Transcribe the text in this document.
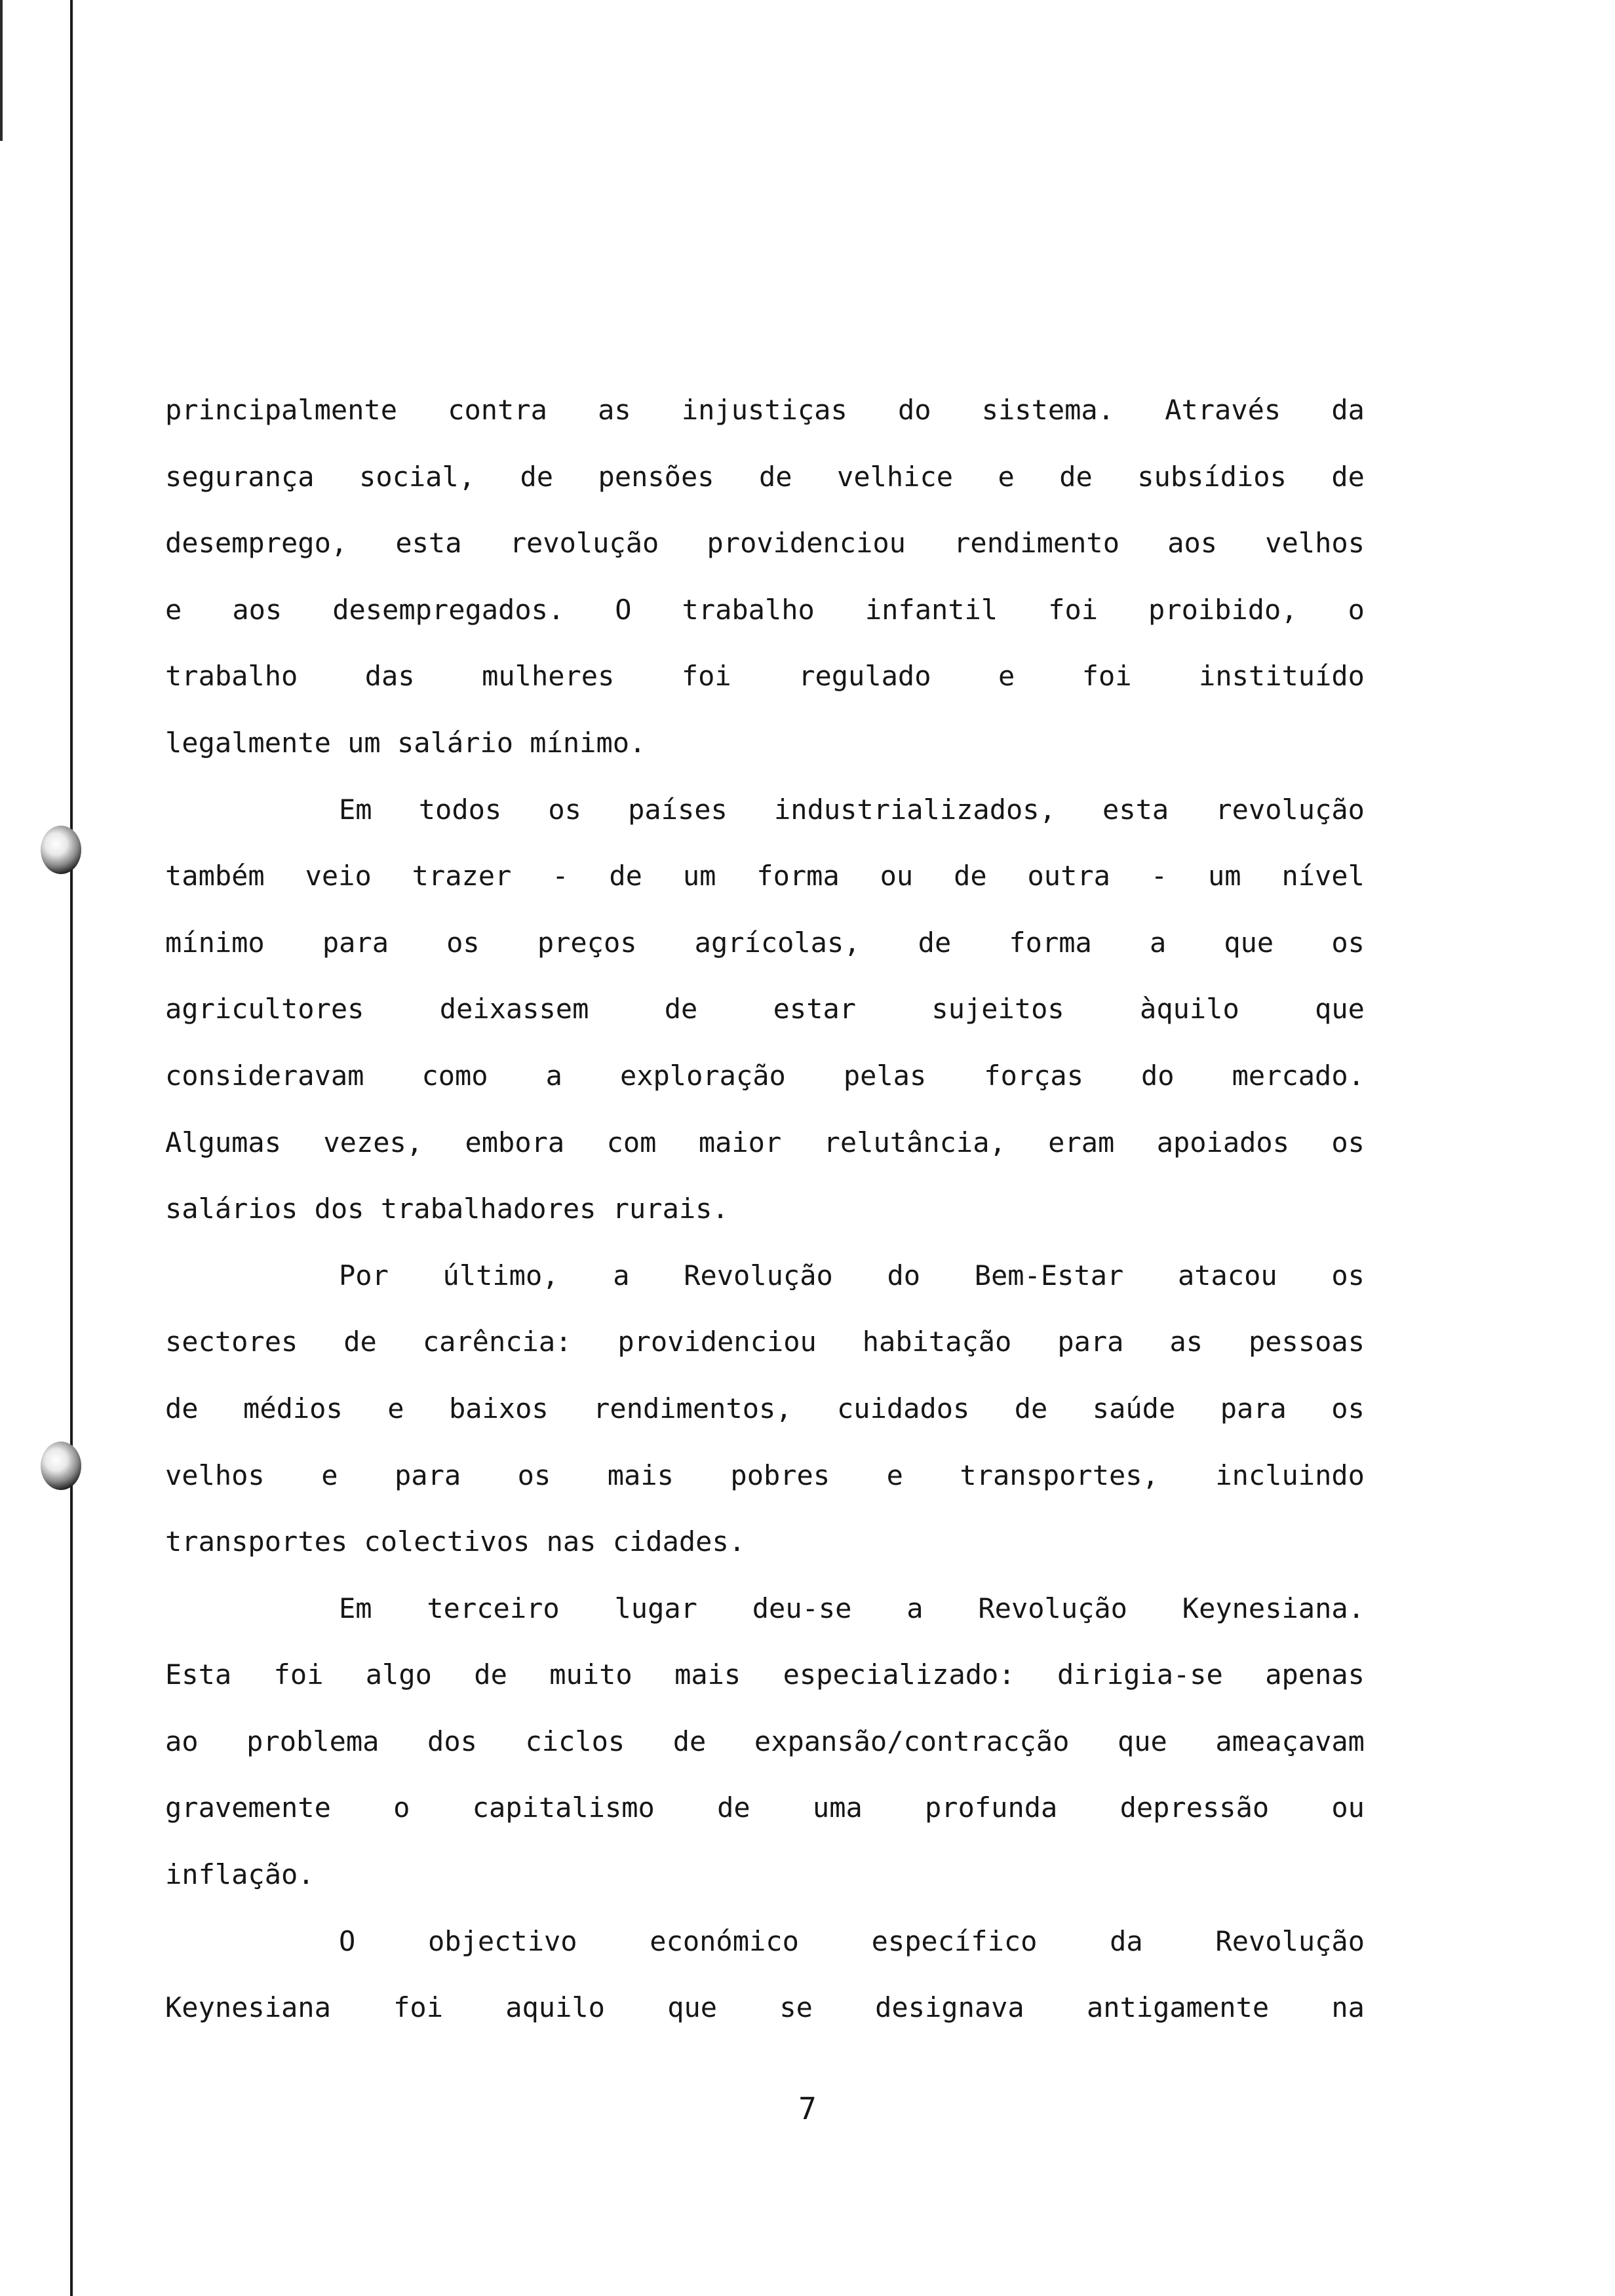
principalmente contra as injustiças do sistema. Através da
segurança social, de pensões de velhice e de subsídios de
desemprego, esta revolução providenciou rendimento aos velhos
e aos desempregados. O trabalho infantil foi proibido, o
trabalho das mulheres foi regulado e foi instituído
legalmente um salário mínimo.
Em todos os países industrializados, esta revolução
também veio trazer - de um forma ou de outra - um nível
mínimo para os preços agrícolas, de forma a que os
agricultores	deixassem	de	estar	sujeitos	àquilo	que
consideravam como a exploração pelas forças do mercado.
Algumas vezes, embora com maior relutância, eram apoiados os
salários dos trabalhadores rurais.
Por último, a Revolução do Bem-Estar atacou os
sectores de carência: providenciou habitação para as pessoas
de médios e baixos rendimentos, cuidados de saúde para os
velhos e para os mais pobres e transportes, incluindo
transportes colectivos nas cidades.
Em terceiro lugar deu-se a Revolução Keynesiana.
Esta foi algo de muito mais especializado: dirigia-se apenas
ao problema dos ciclos de expansão/contracção que ameaçavam
gravemente o capitalismo de uma profunda depressão ou
inflação.
O	objectivo	económico	específico	da	Revolução
Keynesiana foi aquilo que se designava antigamente na
7
